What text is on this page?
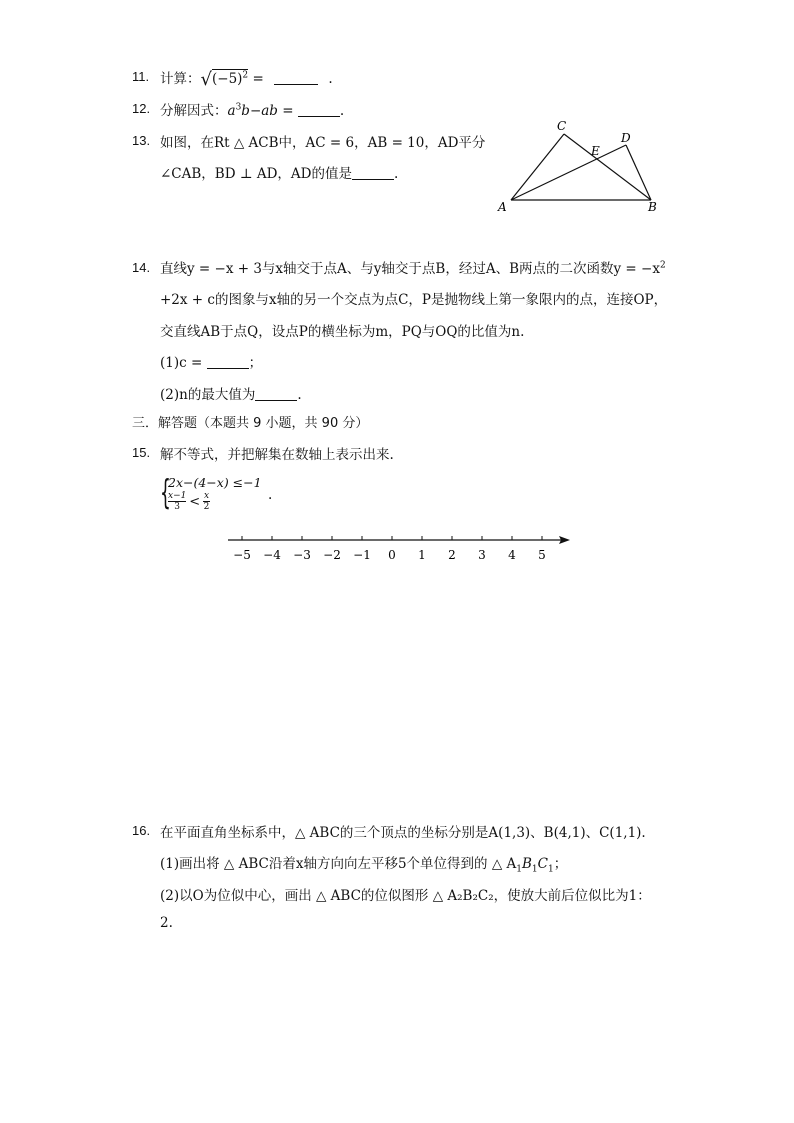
11. 计算：$√(-5)^2$ =	.
12. 分解因式：$a^3b-ab$ =	.
13. 如图，在Rt △ ACB中，AC = 6，AB = 10，AD平分
∠CAB，BD ⊥ AD，AD的值是	.
A	B
C
D
E
14. 直线y = −x + 3与x轴交于点A、与y轴交于点B，经过A、B两点的二次函数$y = -x^2$
+2x + c的图象与x轴的另一个交点为点C，P是抛物线上第一象限内的点，连接OP，
交直线AB于点Q，设点P的横坐标为m，PQ与OQ的比值为n.
(1)c =	；
(2)n的最大值为	.
三．解答题（本题共 9 小题，共 90 分）
15. 解不等式，并把解集在数轴上表示出来.
{
2x−(4−x) ≤−1
$\frac{x-1}{3} < \frac{x}{2}$	.
−5 −4 −3 −2 −1 0 1 2 3 4 5
16. 在平面直角坐标系中，△ ABC的三个顶点的坐标分别是A(1,3)、B(4,1)、C(1,1).
(1)画出将 △ ABC沿着x轴方向向左平移5个单位得到的 △ $A_1B_1C_1$；
(2)以O为位似中心，画出 △ ABC的位似图形 △ A₂B₂C₂，使放大前后位似比为1：
2.
